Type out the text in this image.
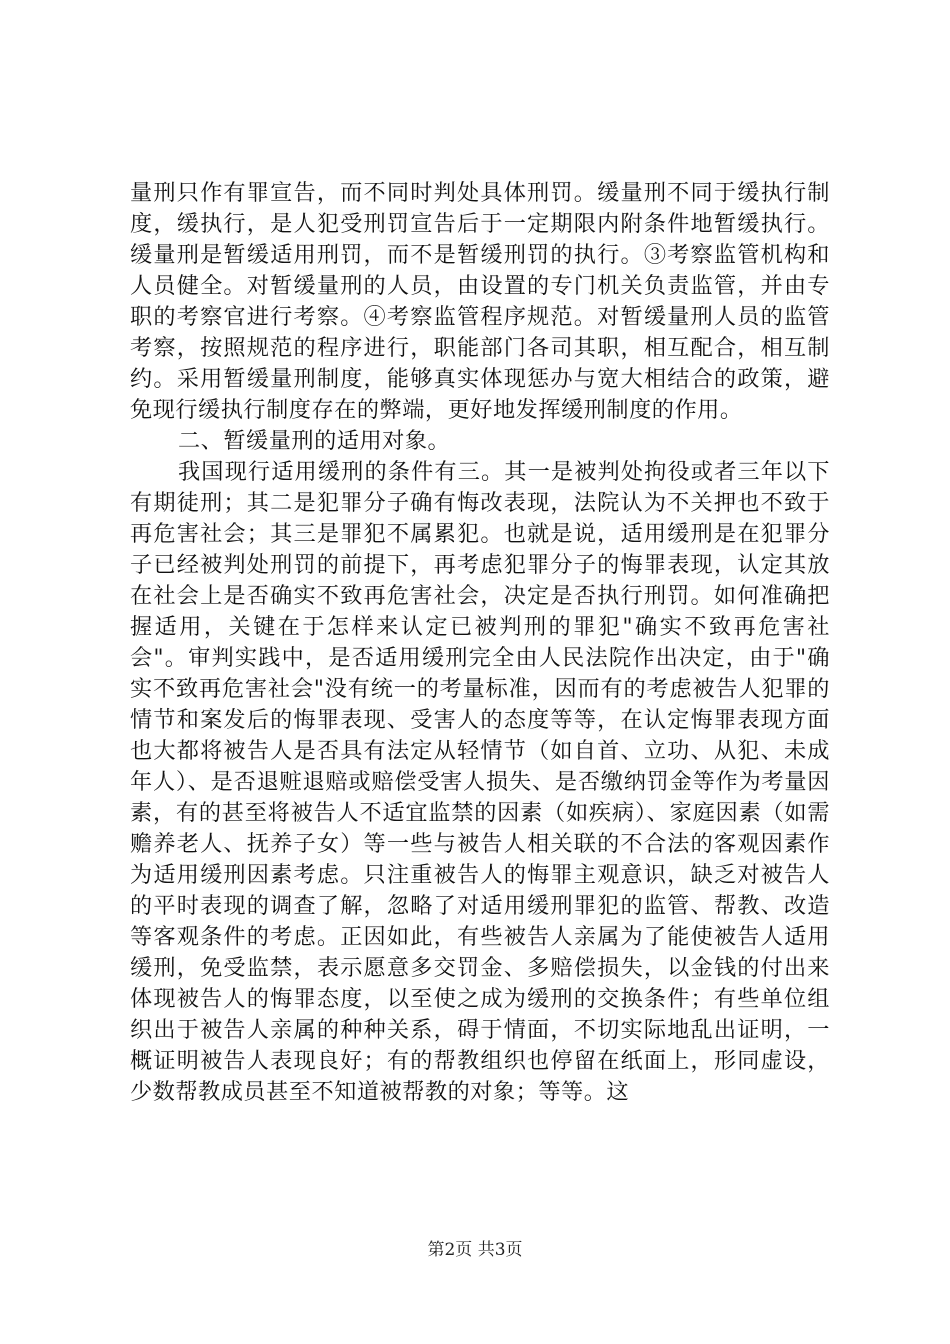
量刑只作有罪宣告，而不同时判处具体刑罚。缓量刑不同于缓执行制度，缓执行，是人犯受刑罚宣告后于一定期限内附条件地暂缓执行。缓量刑是暂缓适用刑罚，而不是暂缓刑罚的执行。③考察监管机构和人员健全。对暂缓量刑的人员，由设置的专门机关负责监管，并由专职的考察官进行考察。④考察监管程序规范。对暂缓量刑人员的监管考察，按照规范的程序进行，职能部门各司其职，相互配合，相互制约。采用暂缓量刑制度，能够真实体现惩办与宽大相结合的政策，避免现行缓执行制度存在的弊端，更好地发挥缓刑制度的作用。

二、暂缓量刑的适用对象。

我国现行适用缓刑的条件有三。其一是被判处拘役或者三年以下有期徒刑；其二是犯罪分子确有悔改表现，法院认为不关押也不致于再危害社会；其三是罪犯不属累犯。也就是说，适用缓刑是在犯罪分子已经被判处刑罚的前提下，再考虑犯罪分子的悔罪表现，认定其放在社会上是否确实不致再危害社会，决定是否执行刑罚。如何准确把握适用，关键在于怎样来认定已被判刑的罪犯"确实不致再危害社会"。审判实践中，是否适用缓刑完全由人民法院作出决定，由于"确实不致再危害社会"没有统一的考量标准，因而有的考虑被告人犯罪的情节和案发后的悔罪表现、受害人的态度等等，在认定悔罪表现方面也大都将被告人是否具有法定从轻情节（如自首、立功、从犯、未成年人）、是否退赃退赔或赔偿受害人损失、是否缴纳罚金等作为考量因素，有的甚至将被告人不适宜监禁的因素（如疾病）、家庭因素（如需赡养老人、抚养子女）等一些与被告人相关联的不合法的客观因素作为适用缓刑因素考虑。只注重被告人的悔罪主观意识，缺乏对被告人的平时表现的调查了解，忽略了对适用缓刑罪犯的监管、帮教、改造等客观条件的考虑。正因如此，有些被告人亲属为了能使被告人适用缓刑，免受监禁，表示愿意多交罚金、多赔偿损失，以金钱的付出来体现被告人的悔罪态度，以至使之成为缓刑的交换条件；有些单位组织出于被告人亲属的种种关系，碍于情面，不切实际地乱出证明，一概证明被告人表现良好；有的帮教组织也停留在纸面上，形同虚设，少数帮教成员甚至不知道被帮教的对象；等等。这

第2页 共3页
